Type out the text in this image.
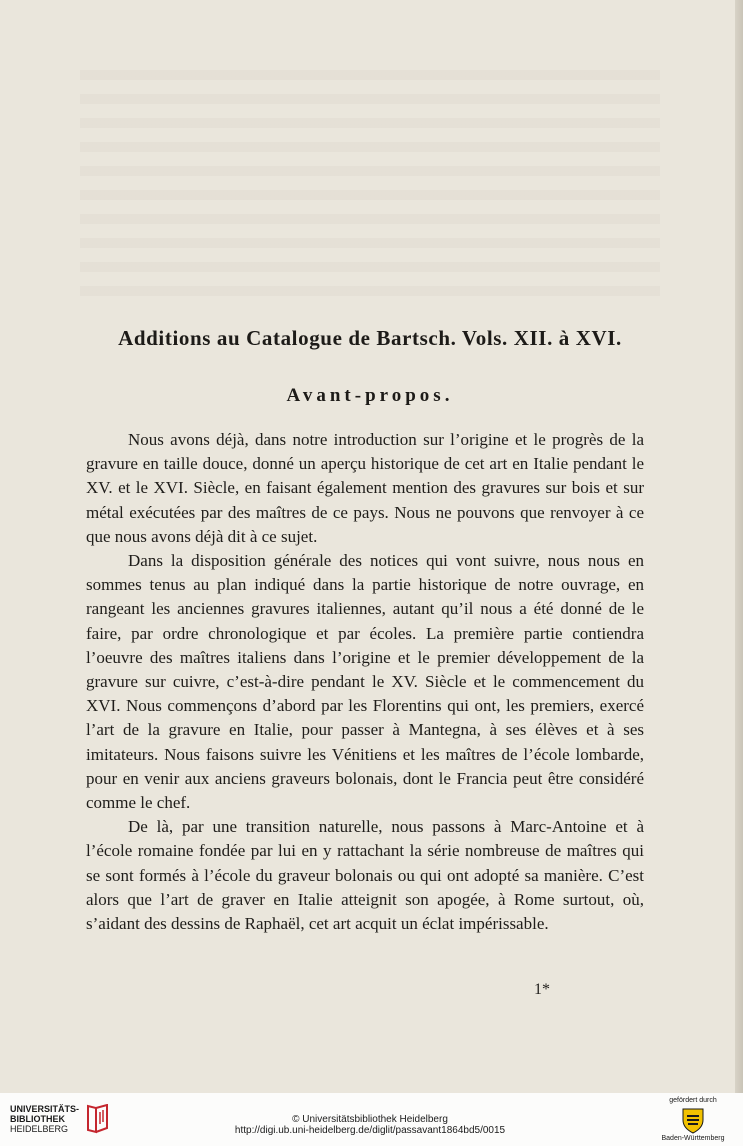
Additions au Catalogue de Bartsch. Vols. XII. à XVI.
Avant-propos.

Nous avons déjà, dans notre introduction sur l’origine et le progrès de la gravure en taille douce, donné un aperçu historique de cet art en Italie pendant le XV. et le XVI. Siècle, en faisant également mention des gravures sur bois et sur métal exécutées par des maîtres de ce pays. Nous ne pouvons que renvoyer à ce que nous avons déjà dit à ce sujet.

Dans la disposition générale des notices qui vont suivre, nous nous en sommes tenus au plan indiqué dans la partie historique de notre ouvrage, en rangeant les anciennes gravures italiennes, autant qu’il nous a été donné de le faire, par ordre chronologique et par écoles. La première partie contiendra l’oeuvre des maîtres italiens dans l’origine et le premier développement de la gravure sur cuivre, c’est-à-dire pendant le XV. Siècle et le commencement du XVI. Nous commençons d’abord par les Florentins qui ont, les premiers, exercé l’art de la gravure en Italie, pour passer à Mantegna, à ses élèves et à ses imitateurs. Nous faisons suivre les Vénitiens et les maîtres de l’école lombarde, pour en venir aux anciens graveurs bolonais, dont le Francia peut être considéré comme le chef.

De là, par une transition naturelle, nous passons à Marc-Antoine et à l’école romaine fondée par lui en y rattachant la série nombreuse de maîtres qui se sont formés à l’école du graveur bolonais ou qui ont adopté sa manière. C’est alors que l’art de graver en Italie atteignit son apogée, à Rome surtout, où, s’aidant des dessins de Raphaël, cet art acquit un éclat impérissable.

1*
UNIVERSITÄTS-
BIBLIOTHEK
HEIDELBERG
© Universitätsbibliothek Heidelberg
http://digi.ub.uni-heidelberg.de/diglit/passavant1864bd5/0015
gefördert durch
Baden-Württemberg
